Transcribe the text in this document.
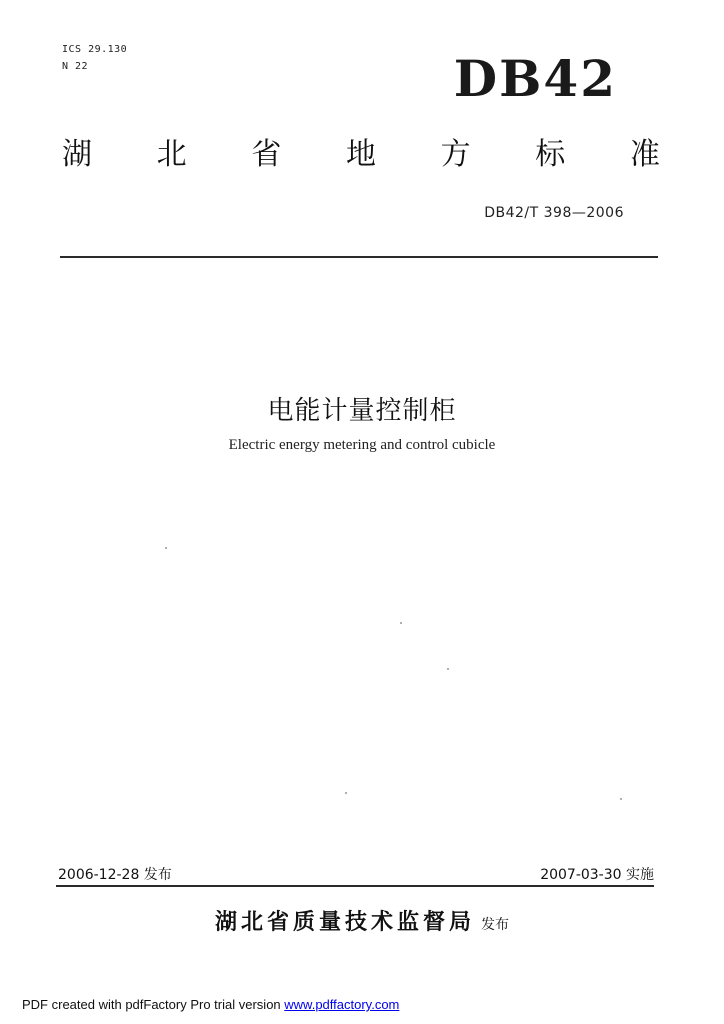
ICS 29.130
N 22	DB42
湖 北 省 地 方 标 准
DB42/T 398—2006
电能计量控制柜
Electric energy metering and control cubicle
2006-12-28 发布	2007-03-30 实施
湖北省质量技术监督局 发布
PDF created with pdfFactory Pro trial version www.pdffactory.com
